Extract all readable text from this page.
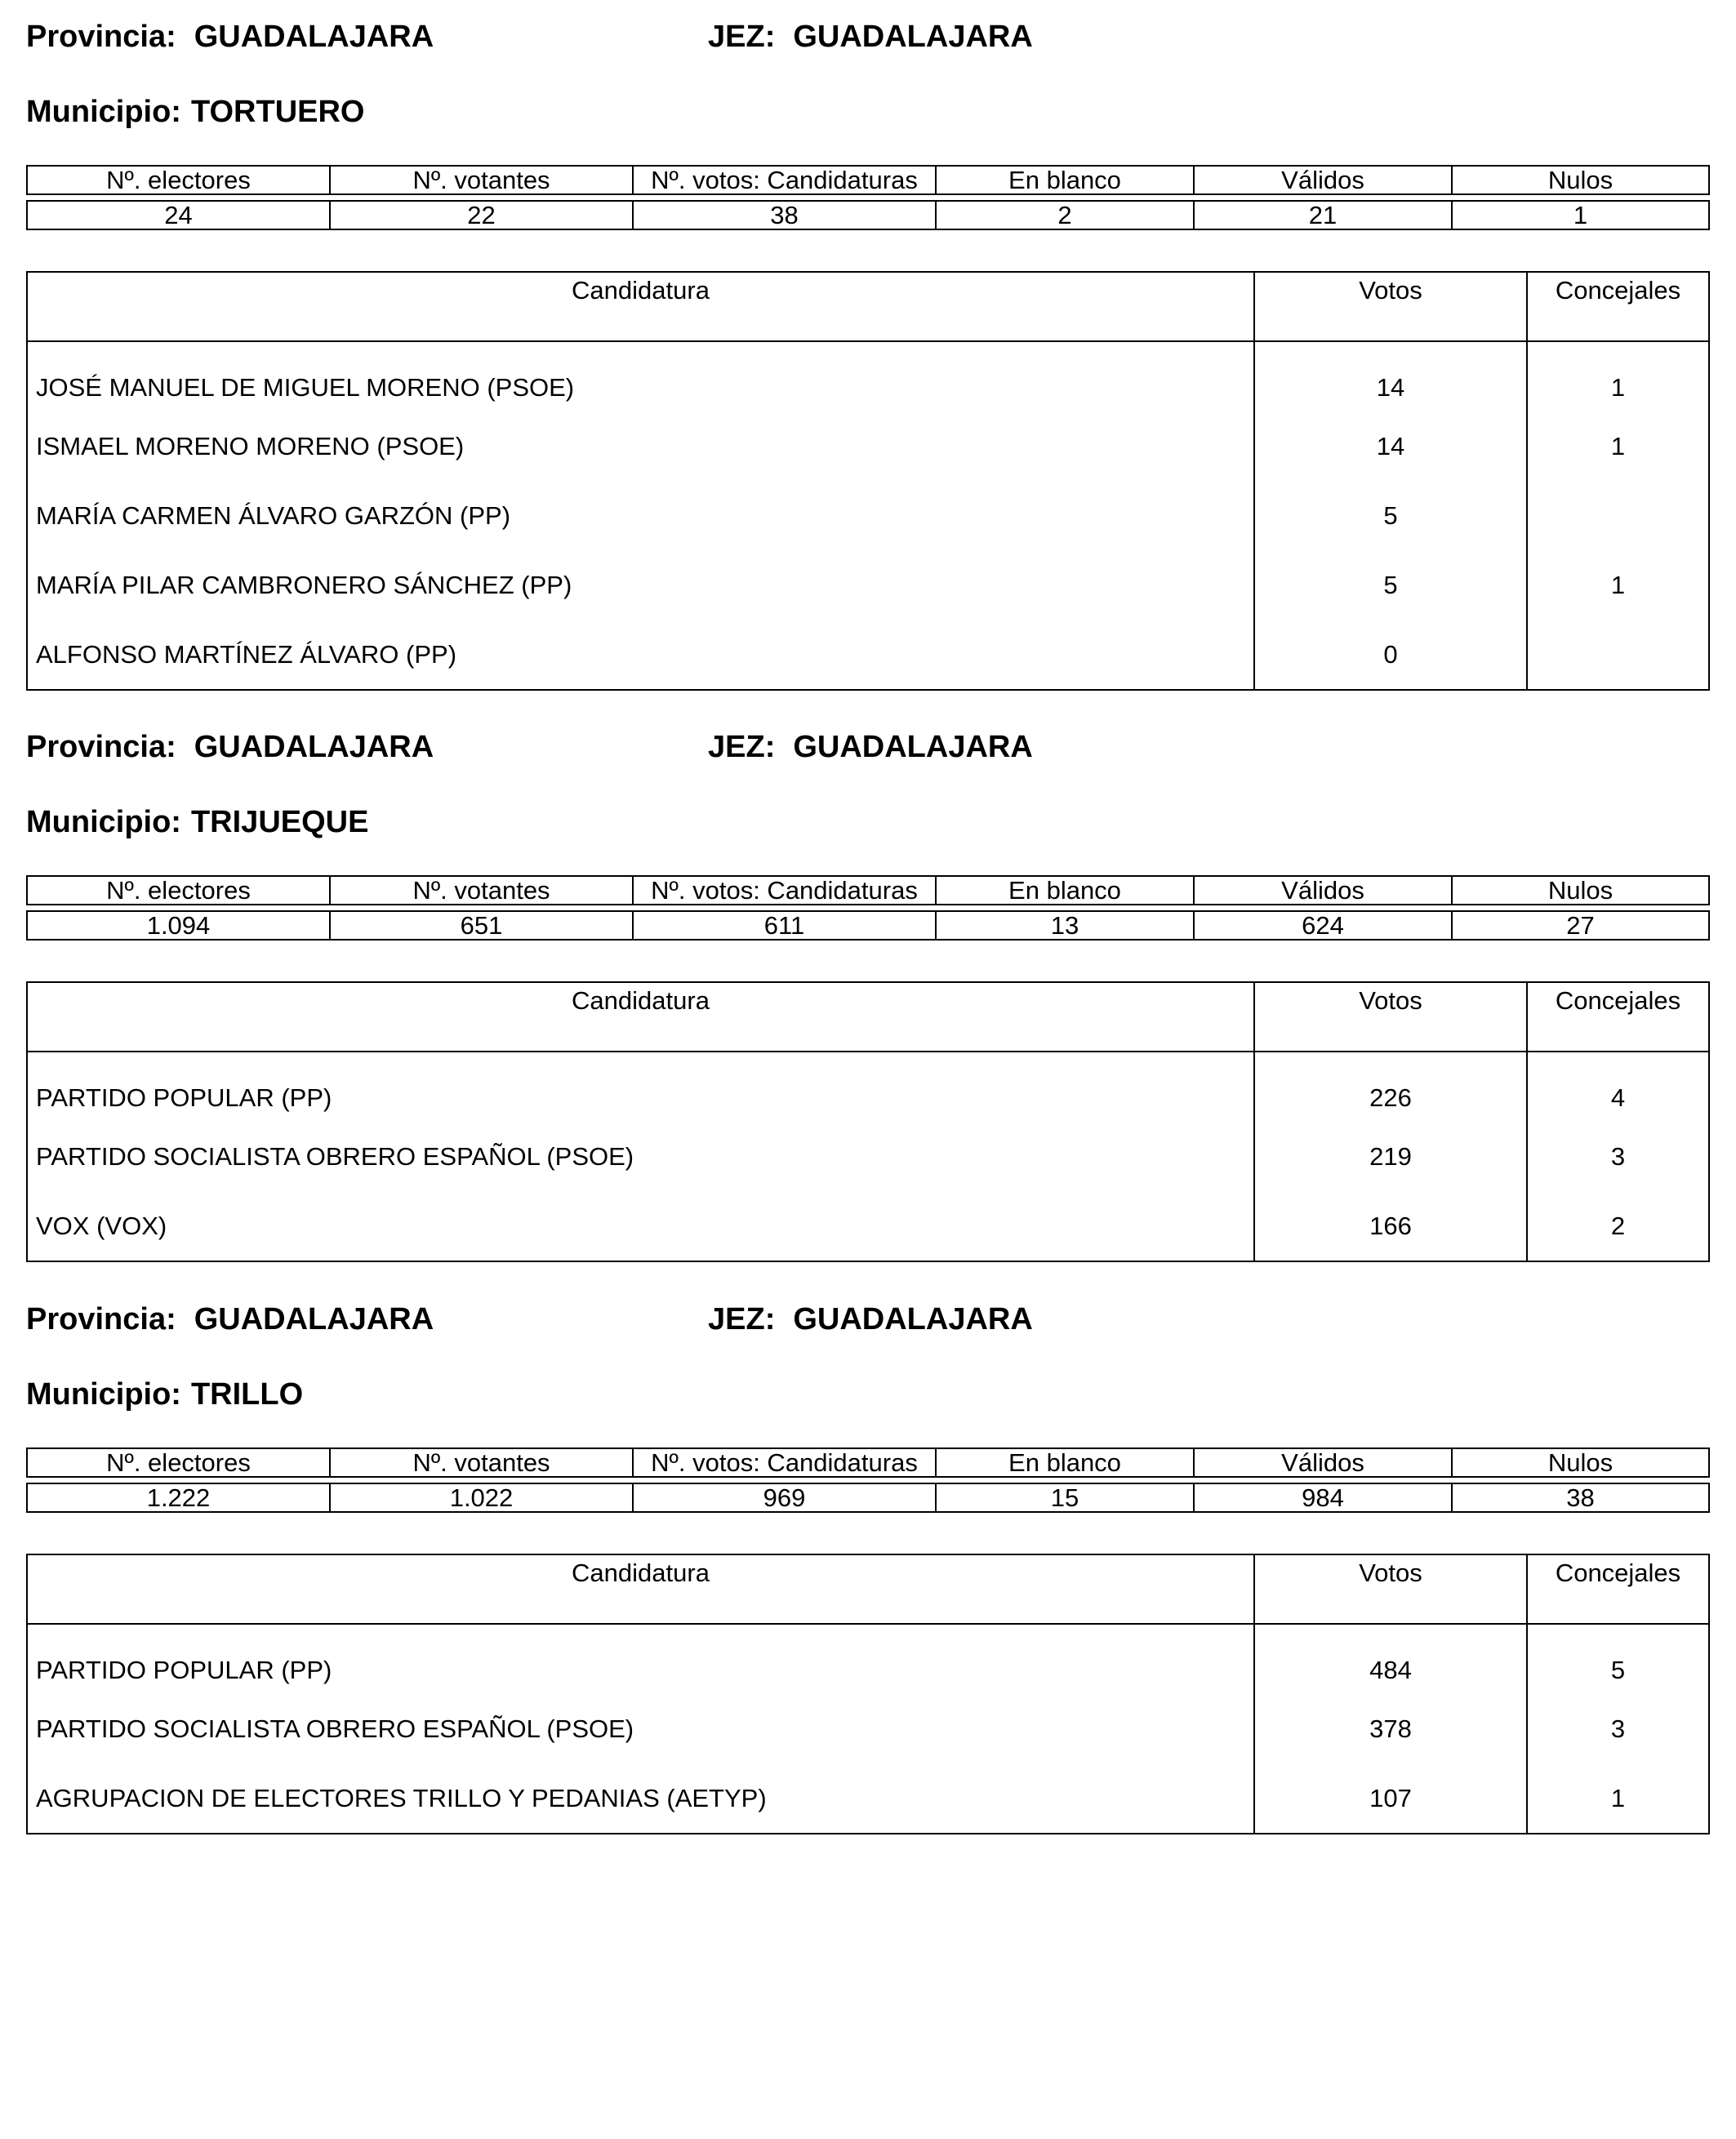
Provincia: GUADALAJARA	JEZ: GUADALAJARA
Municipio: TORTUERO
Nº. electores	Nº. votantes	Nº. votos: Candidaturas	En blanco	Válidos	Nulos

24	22	38	2	21	1
Candidatura	Votos	Concejales
JOSÉ MANUEL DE MIGUEL MORENO (PSOE)	14	1
ISMAEL MORENO MORENO (PSOE)	14	1
MARÍA CARMEN ÁLVARO GARZÓN (PP)	5	
MARÍA PILAR CAMBRONERO SÁNCHEZ (PP)	5	1
ALFONSO MARTÍNEZ ÁLVARO (PP)	0	
Provincia: GUADALAJARA	JEZ: GUADALAJARA
Municipio: TRIJUEQUE
Nº. electores	Nº. votantes	Nº. votos: Candidaturas	En blanco	Válidos	Nulos

1.094	651	611	13	624	27
Candidatura	Votos	Concejales
PARTIDO POPULAR (PP)	226	4
PARTIDO SOCIALISTA OBRERO ESPAÑOL (PSOE)	219	3
VOX (VOX)	166	2
Provincia: GUADALAJARA	JEZ: GUADALAJARA
Municipio: TRILLO
Nº. electores	Nº. votantes	Nº. votos: Candidaturas	En blanco	Válidos	Nulos

1.222	1.022	969	15	984	38
Candidatura	Votos	Concejales
PARTIDO POPULAR (PP)	484	5
PARTIDO SOCIALISTA OBRERO ESPAÑOL (PSOE)	378	3
AGRUPACION DE ELECTORES TRILLO Y PEDANIAS (AETYP)	107	1
